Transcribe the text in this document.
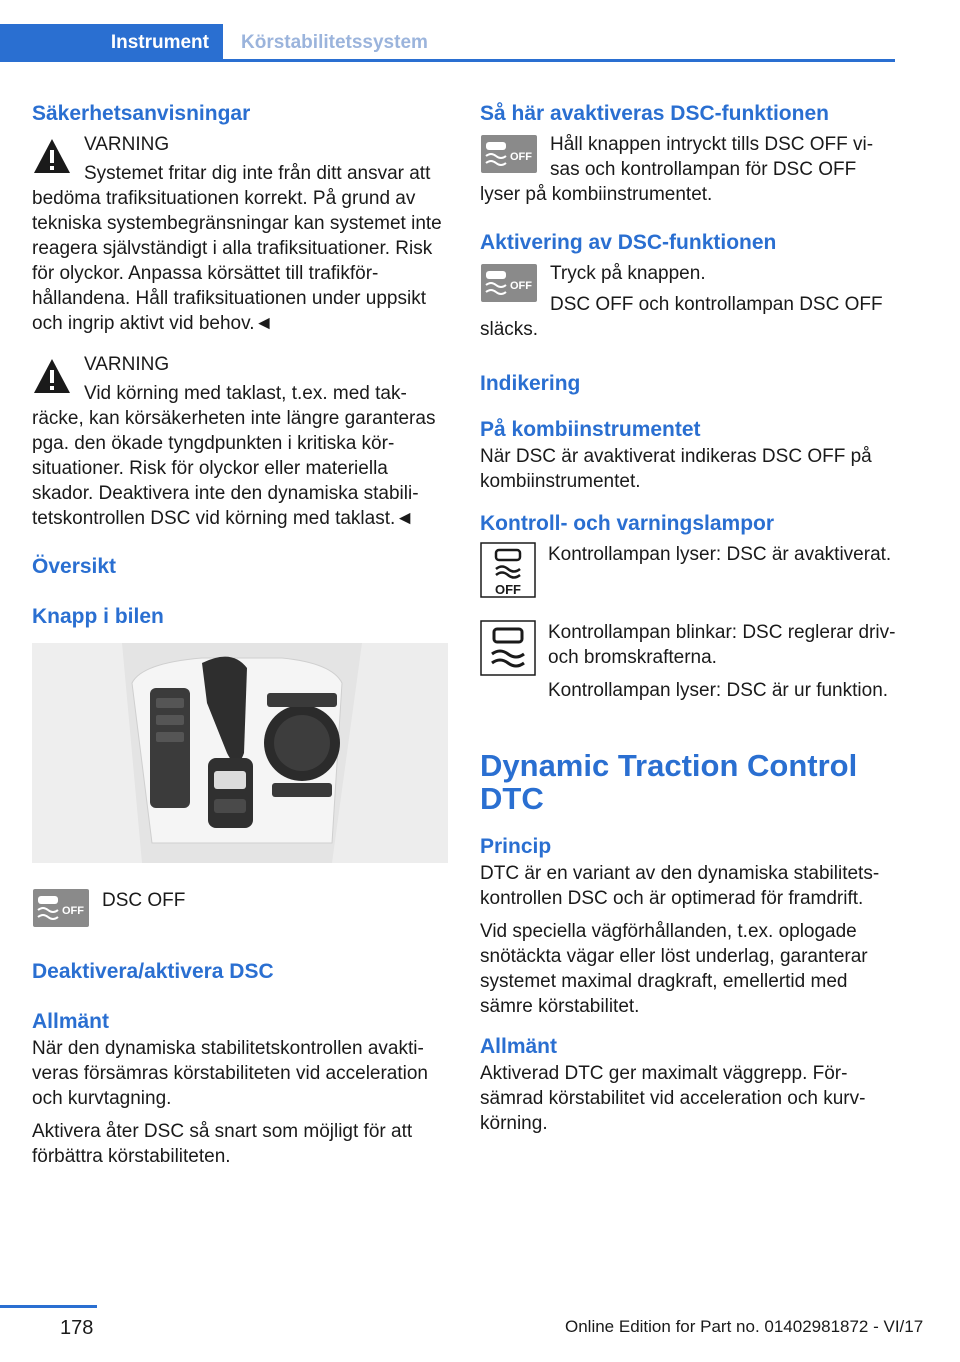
Instrument	Körstabilitetssystem
Säkerhetsanvisningar

VARNING

Systemet fritar dig inte från ditt ansvar att bedöma trafiksituationen korrekt. På grund av tekniska systembegränsningar kan systemet inte reagera självständigt i alla trafiksituationer. Risk för olyckor. Anpassa körsättet till trafikförhållandena. Håll trafiksituationen under uppsikt och ingrip aktivt vid behov.◄

VARNING

Vid körning med taklast, t.ex. med takräcke, kan körsäkerheten inte längre garanteras pga. den ökade tyngdpunkten i kritiska körsituationer. Risk för olyckor eller materiella skador. Deaktivera inte den dynamiska stabilitetskontrollen DSC vid körning med taklast.◄

Översikt
Knapp i bilen
OFF DSC OFF

Deaktivera/aktivera DSC
Allmänt

När den dynamiska stabilitetskontrollen avaktiveras försämras körstabiliteten vid acceleration och kurvtagning.

Aktivera åter DSC så snart som möjligt för att förbättra körstabiliteten.

Så här avaktiveras DSC-funktionen
OFF

Håll knappen intryckt tills DSC OFF visas och kontrollampan för DSC OFF lyser på kombiinstrumentet.

Aktivering av DSC-funktionen
OFF

Tryck på knappen.

DSC OFF och kontrollampan DSC OFF släcks.

Indikering
På kombiinstrumentet

När DSC är avaktiverat indikeras DSC OFF på kombiinstrumentet.

Kontroll- och varningslampor
OFF

Kontrollampan lyser: DSC är avaktiverat.

Kontrollampan blinkar: DSC reglerar driv- och bromskrafterna.

Kontrollampan lyser: DSC är ur funktion.

Dynamic Traction Control DTC
Princip

DTC är en variant av den dynamiska stabilitetskontrollen DSC och är optimerad för framdrift.

Vid speciella vägförhållanden, t.ex. oplogade snötäckta vägar eller löst underlag, garanterar systemet maximal dragkraft, emellertid med sämre körstabilitet.

Allmänt

Aktiverad DTC ger maximalt väggrepp. Försämrad körstabilitet vid acceleration och kurvkörning.

178	Online Edition for Part no. 01402981872 - VI/17
